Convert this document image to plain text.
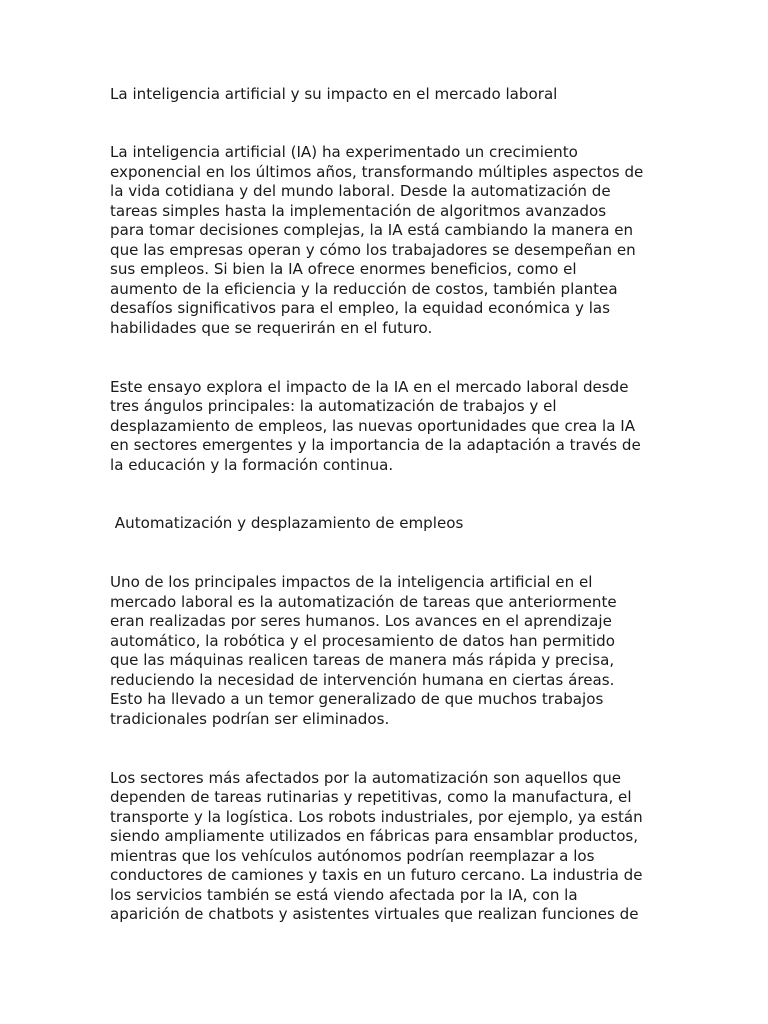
La inteligencia artificial y su impacto en el mercado laboral

La inteligencia artificial (IA) ha experimentado un crecimiento

exponencial en los últimos años, transformando múltiples aspectos de

la vida cotidiana y del mundo laboral. Desde la automatización de

tareas simples hasta la implementación de algoritmos avanzados

para tomar decisiones complejas, la IA está cambiando la manera en

que las empresas operan y cómo los trabajadores se desempeñan en

sus empleos. Si bien la IA ofrece enormes beneficios, como el

aumento de la eficiencia y la reducción de costos, también plantea

desafíos significativos para el empleo, la equidad económica y las

habilidades que se requerirán en el futuro.

Este ensayo explora el impacto de la IA en el mercado laboral desde

tres ángulos principales: la automatización de trabajos y el

desplazamiento de empleos, las nuevas oportunidades que crea la IA

en sectores emergentes y la importancia de la adaptación a través de

la educación y la formación continua.

Automatización y desplazamiento de empleos

Uno de los principales impactos de la inteligencia artificial en el

mercado laboral es la automatización de tareas que anteriormente

eran realizadas por seres humanos. Los avances en el aprendizaje

automático, la robótica y el procesamiento de datos han permitido

que las máquinas realicen tareas de manera más rápida y precisa,

reduciendo la necesidad de intervención humana en ciertas áreas.

Esto ha llevado a un temor generalizado de que muchos trabajos

tradicionales podrían ser eliminados.

Los sectores más afectados por la automatización son aquellos que

dependen de tareas rutinarias y repetitivas, como la manufactura, el

transporte y la logística. Los robots industriales, por ejemplo, ya están

siendo ampliamente utilizados en fábricas para ensamblar productos,

mientras que los vehículos autónomos podrían reemplazar a los

conductores de camiones y taxis en un futuro cercano. La industria de

los servicios también se está viendo afectada por la IA, con la

aparición de chatbots y asistentes virtuales que realizan funciones de
